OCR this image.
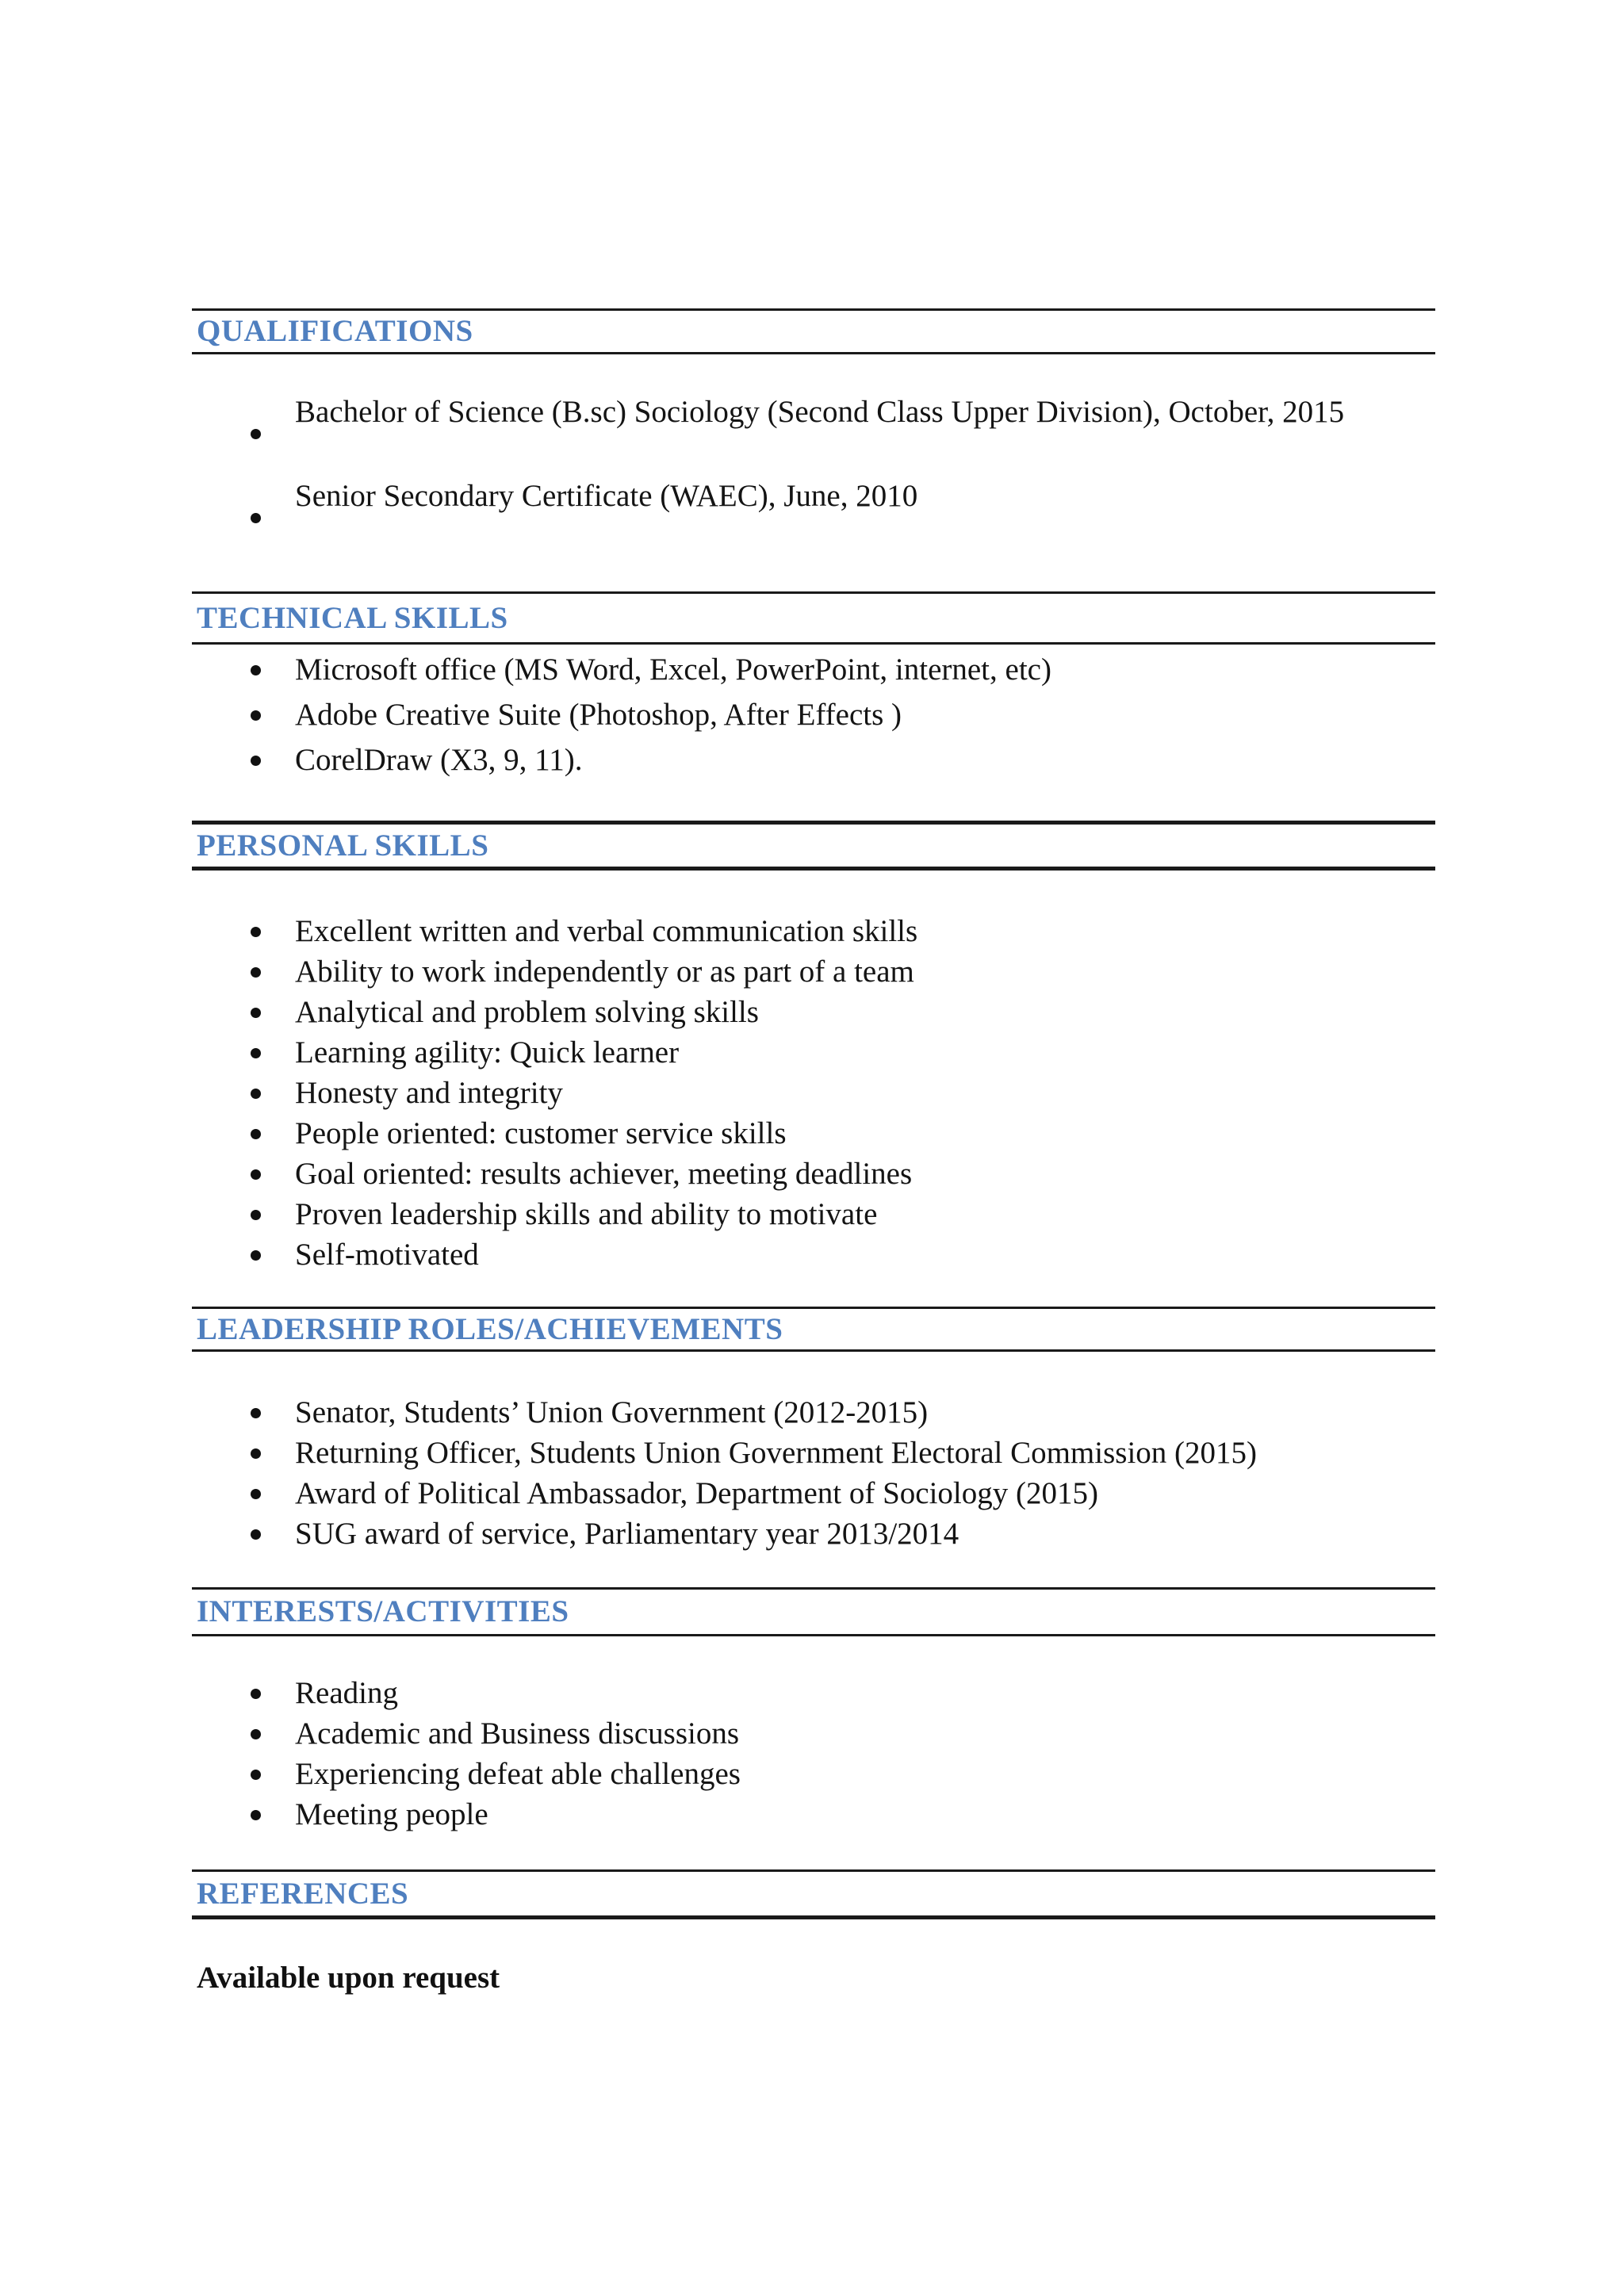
QUALIFICATIONS
Bachelor of Science (B.sc) Sociology (Second Class Upper Division), October, 2015
Senior Secondary Certificate (WAEC), June, 2010
TECHNICAL SKILLS
Microsoft office (MS Word, Excel, PowerPoint, internet, etc)
Adobe Creative Suite (Photoshop, After Effects )
CorelDraw (X3, 9, 11).
PERSONAL SKILLS
Excellent written and verbal communication skills
Ability to work independently or as part of a team
Analytical and problem solving skills
Learning agility: Quick learner
Honesty and integrity
People oriented: customer service skills
Goal oriented: results achiever, meeting deadlines
Proven leadership skills and ability to motivate
Self-motivated
LEADERSHIP ROLES/ACHIEVEMENTS
Senator, Students’ Union Government (2012-2015)
Returning Officer, Students Union Government Electoral Commission (2015)
Award of Political Ambassador, Department of Sociology (2015)
SUG award of service, Parliamentary year 2013/2014
INTERESTS/ACTIVITIES
Reading
Academic and Business discussions
Experiencing defeat able challenges
Meeting people
REFERENCES
Available upon request
